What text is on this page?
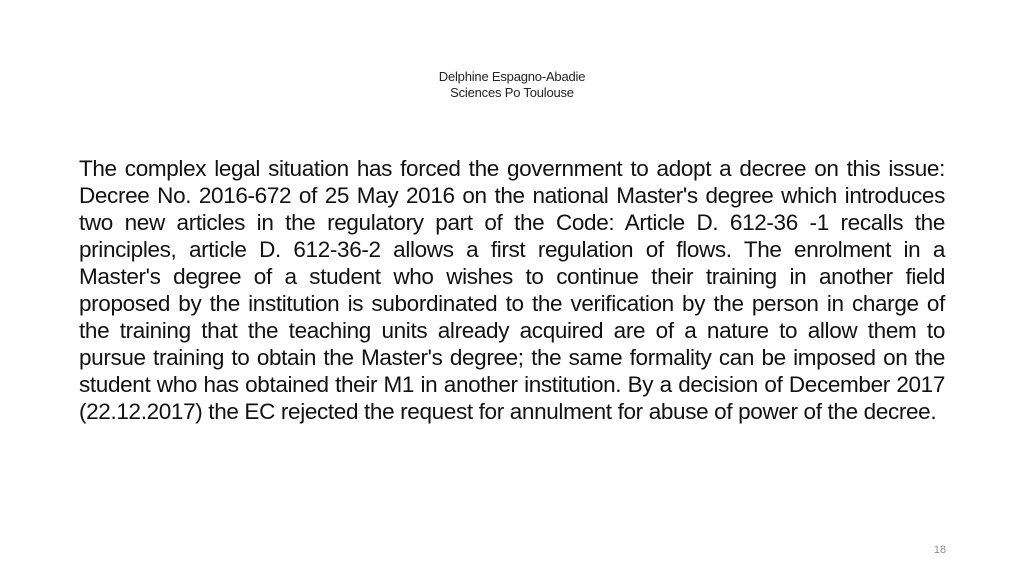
Delphine Espagno-Abadie
Sciences Po Toulouse
The complex legal situation has forced the government to adopt a decree on this issue: Decree No. 2016-672 of 25 May 2016 on the national Master's degree which introduces two new articles in the regulatory part of the Code: Article D. 612-36 -1 recalls the principles, article D. 612-36-2 allows a first regulation of flows. The enrolment in a Master's degree of a student who wishes to continue their training in another field proposed by the institution is subordinated to the verification by the person in charge of the training that the teaching units already acquired are of a nature to allow them to pursue training to obtain the Master's degree; the same formality can be imposed on the student who has obtained their M1 in another institution. By a decision of December 2017 (22.12.2017) the EC rejected the request for annulment for abuse of power of the decree.
18
